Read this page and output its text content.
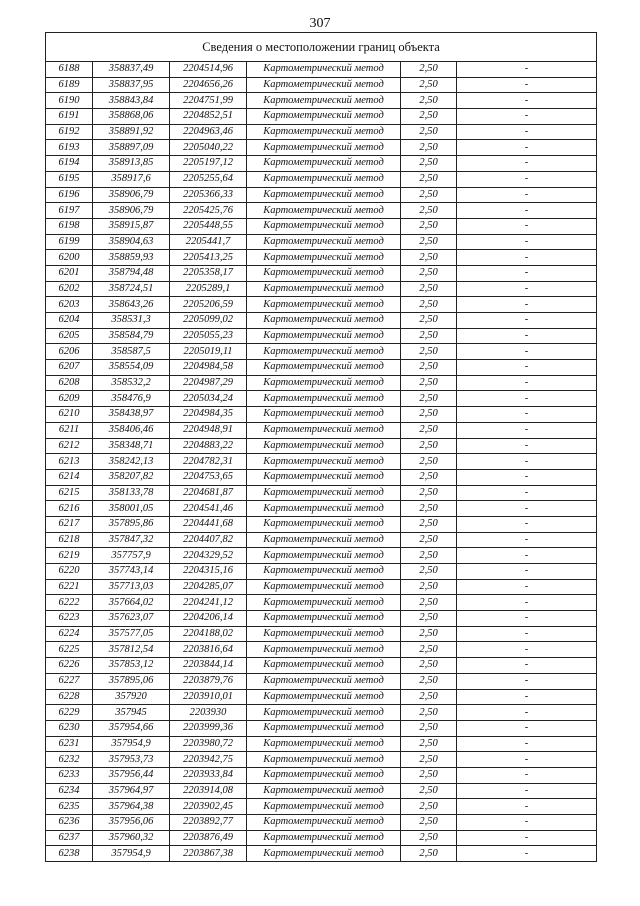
307
Сведения о местоположении границ объекта					
6188	358837,49	2204514,96	Картометрический метод	2,50	-
6189	358837,95	2204656,26	Картометрический метод	2,50	-
6190	358843,84	2204751,99	Картометрический метод	2,50	-
6191	358868,06	2204852,51	Картометрический метод	2,50	-
6192	358891,92	2204963,46	Картометрический метод	2,50	-
6193	358897,09	2205040,22	Картометрический метод	2,50	-
6194	358913,85	2205197,12	Картометрический метод	2,50	-
6195	358917,6	2205255,64	Картометрический метод	2,50	-
6196	358906,79	2205366,33	Картометрический метод	2,50	-
6197	358906,79	2205425,76	Картометрический метод	2,50	-
6198	358915,87	2205448,55	Картометрический метод	2,50	-
6199	358904,63	2205441,7	Картометрический метод	2,50	-
6200	358859,93	2205413,25	Картометрический метод	2,50	-
6201	358794,48	2205358,17	Картометрический метод	2,50	-
6202	358724,51	2205289,1	Картометрический метод	2,50	-
6203	358643,26	2205206,59	Картометрический метод	2,50	-
6204	358531,3	2205099,02	Картометрический метод	2,50	-
6205	358584,79	2205055,23	Картометрический метод	2,50	-
6206	358587,5	2205019,11	Картометрический метод	2,50	-
6207	358554,09	2204984,58	Картометрический метод	2,50	-
6208	358532,2	2204987,29	Картометрический метод	2,50	-
6209	358476,9	2205034,24	Картометрический метод	2,50	-
6210	358438,97	2204984,35	Картометрический метод	2,50	-
6211	358406,46	2204948,91	Картометрический метод	2,50	-
6212	358348,71	2204883,22	Картометрический метод	2,50	-
6213	358242,13	2204782,31	Картометрический метод	2,50	-
6214	358207,82	2204753,65	Картометрический метод	2,50	-
6215	358133,78	2204681,87	Картометрический метод	2,50	-
6216	358001,05	2204541,46	Картометрический метод	2,50	-
6217	357895,86	2204441,68	Картометрический метод	2,50	-
6218	357847,32	2204407,82	Картометрический метод	2,50	-
6219	357757,9	2204329,52	Картометрический метод	2,50	-
6220	357743,14	2204315,16	Картометрический метод	2,50	-
6221	357713,03	2204285,07	Картометрический метод	2,50	-
6222	357664,02	2204241,12	Картометрический метод	2,50	-
6223	357623,07	2204206,14	Картометрический метод	2,50	-
6224	357577,05	2204188,02	Картометрический метод	2,50	-
6225	357812,54	2203816,64	Картометрический метод	2,50	-
6226	357853,12	2203844,14	Картометрический метод	2,50	-
6227	357895,06	2203879,76	Картометрический метод	2,50	-
6228	357920	2203910,01	Картометрический метод	2,50	-
6229	357945	2203930	Картометрический метод	2,50	-
6230	357954,66	2203999,36	Картометрический метод	2,50	-
6231	357954,9	2203980,72	Картометрический метод	2,50	-
6232	357953,73	2203942,75	Картометрический метод	2,50	-
6233	357956,44	2203933,84	Картометрический метод	2,50	-
6234	357964,97	2203914,08	Картометрический метод	2,50	-
6235	357964,38	2203902,45	Картометрический метод	2,50	-
6236	357956,06	2203892,77	Картометрический метод	2,50	-
6237	357960,32	2203876,49	Картометрический метод	2,50	-
6238	357954,9	2203867,38	Картометрический метод	2,50	-
